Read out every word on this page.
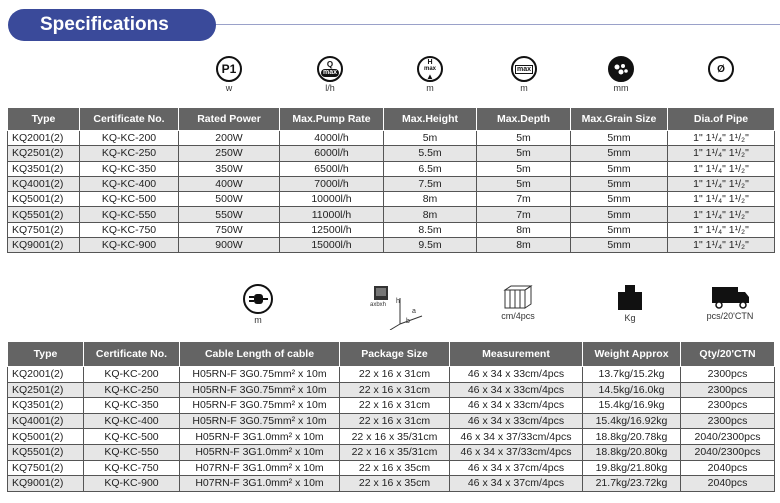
Specifications
P1
w
Q
max
l/h
H
max
▲
m
max
m	mm
Ø
Type	Certificate No.	Rated Power	Max.Pump Rate	Max.Height	Max.Depth	Max.Grain Size	Dia.of Pipe
KQ2001(2)	KQ-KC-200	200W	4000l/h	5m	5m	5mm	1" 1¹/₄" 1¹/₂"
KQ2501(2)	KQ-KC-250	250W	6000l/h	5.5m	5m	5mm	1" 1¹/₄" 1¹/₂"
KQ3501(2)	KQ-KC-350	350W	6500l/h	6.5m	5m	5mm	1" 1¹/₄" 1¹/₂"
KQ4001(2)	KQ-KC-400	400W	7000l/h	7.5m	5m	5mm	1" 1¹/₄" 1¹/₂"
KQ5001(2)	KQ-KC-500	500W	10000l/h	8m	7m	5mm	1" 1¹/₄" 1¹/₂"
KQ5501(2)	KQ-KC-550	550W	11000l/h	8m	7m	5mm	1" 1¹/₄" 1¹/₂"
KQ7501(2)	KQ-KC-750	750W	12500l/h	8.5m	8m	5mm	1" 1¹/₄" 1¹/₂"
KQ9001(2)	KQ-KC-900	900W	15000l/h	9.5m	8m	5mm	1" 1¹/₄" 1¹/₂"
m
axbxh h
a
b
cm/4pcs	Kg	pcs/20'CTN
Type	Certificate No.	Cable Length of cable	Package Size	Measurement	Weight Approx	Qty/20'CTN
KQ2001(2)	KQ-KC-200	H05RN-F 3G0.75mm² x 10m	22 x 16 x 31cm	46 x 34 x 33cm/4pcs	13.7kg/15.2kg	2300pcs
KQ2501(2)	KQ-KC-250	H05RN-F 3G0.75mm² x 10m	22 x 16 x 31cm	46 x 34 x 33cm/4pcs	14.5kg/16.0kg	2300pcs
KQ3501(2)	KQ-KC-350	H05RN-F 3G0.75mm² x 10m	22 x 16 x 31cm	46 x 34 x 33cm/4pcs	15.4kg/16.9kg	2300pcs
KQ4001(2)	KQ-KC-400	H05RN-F 3G0.75mm² x 10m	22 x 16 x 31cm	46 x 34 x 33cm/4pcs	15.4kg/16.92kg	2300pcs
KQ5001(2)	KQ-KC-500	H05RN-F 3G1.0mm² x 10m	22 x 16 x 35/31cm	46 x 34 x 37/33cm/4pcs	18.8kg/20.78kg	2040/2300pcs
KQ5501(2)	KQ-KC-550	H05RN-F 3G1.0mm² x 10m	22 x 16 x 35/31cm	46 x 34 x 37/33cm/4pcs	18.8kg/20.80kg	2040/2300pcs
KQ7501(2)	KQ-KC-750	H07RN-F 3G1.0mm² x 10m	22 x 16 x 35cm	46 x 34 x 37cm/4pcs	19.8kg/21.80kg	2040pcs
KQ9001(2)	KQ-KC-900	H07RN-F 3G1.0mm² x 10m	22 x 16 x 35cm	46 x 34 x 37cm/4pcs	21.7kg/23.72kg	2040pcs
